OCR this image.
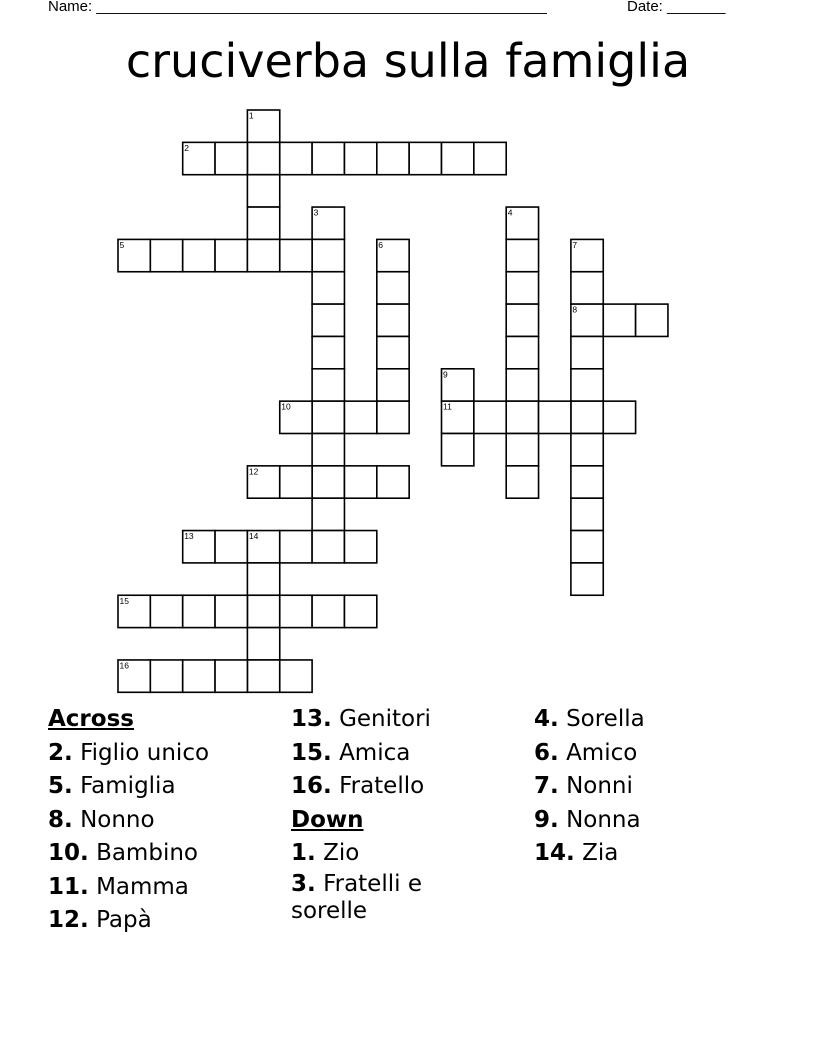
Name: ______________________________________________________	Date: _______
cruciverba sulla famiglia
1
2
3	4
5	6	7
8
9
10	11
12
13	14
15
16
Across
2. Figlio unico
5. Famiglia
8. Nonno
10. Bambino
11. Mamma
12. Papà
13. Genitori
15. Amica
16. Fratello
Down
1. Zio
3. Fratelli e sorelle
4. Sorella
6. Amico
7. Nonni
9. Nonna
14. Zia
